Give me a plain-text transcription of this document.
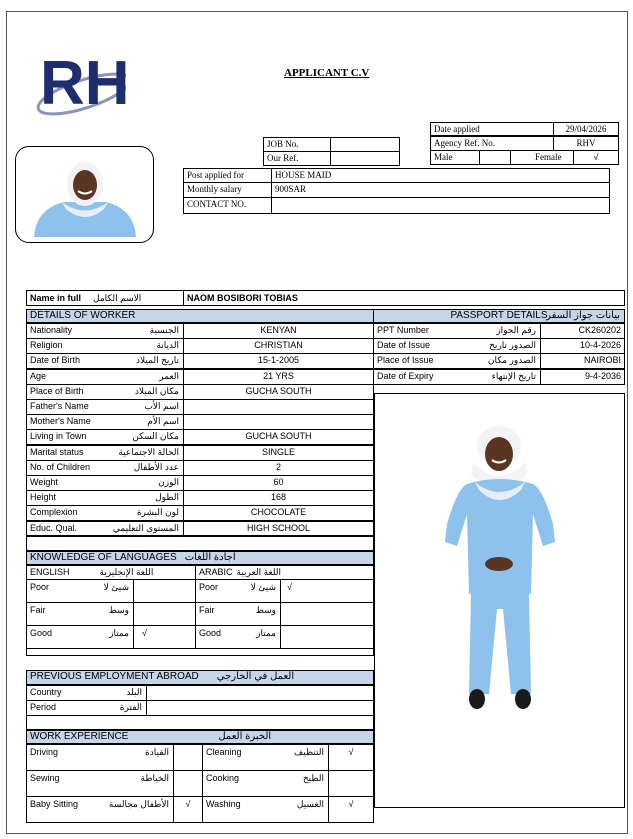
RH	APPLICANT C.V
Date applied	29/04/2026
Agency Ref. No.	RHV
Male	Female	√
JOB No.
Our Ref.
Post applied for	HOUSE MAID
Monthly salary	900SAR
CONTACT NO.
Name in full الاسم الكامل	NAOM BOSIBORI TOBIAS
DETAILS OF WORKER
Nationality	الجنسية	KENYAN
Religion	الديانة	CHRISTIAN
Date of Birth	تاريخ الميلاد	15-1-2005
Age	العمر	21 YRS
Place of Birth	مكان الميلاد	GUCHA SOUTH
Father's Name	اسم الأب
Mother's Name	اسم الأم
Living in Town	مكان السكن	GUCHA SOUTH
Marital status	الحالة الاجتماعية	SINGLE
No. of Children	عدد الأطفال	2
Weight	الوزن	60
Height	الطول	168
Complexion	لون البشرة	CHOCOLATE
Educ. Qual.	المستوى التعليمي	HIGH SCHOOL
PASSPORT DETAILS
بيانات جواز السفر
PPT Number	رقم الجواز	CK260202
Date of Issue	الصدور تاريخ	10-4-2026
Place of Issue	الصدور مكان	NAIROBI
Date of Expiry	تاريخ الإنتهاء	9-4-2036
KNOWLEDGE OF LANGUAGES اجادة اللغات
ENGLISH	اللغة الإنجليزية	ARABIC اللغة العربية
Poor	شيئ لا	Poor	شيئ لا	√
Fair	وسط	Fair	وسط
Good	ممتاز	√	Good	ممتاز
PREVIOUS EMPLOYMENT ABROAD العمل في الخارجي
Country	البلد
Period	الفترة
WORK EXPERIENCE	الخبرة العمل
Driving	القيادة	Cleaning	التنظيف	√
Sewing	الخياطة	Cooking	الطبخ
Baby Sitting	الأطفال مجالسة	√	Washing	الغسيل	√
